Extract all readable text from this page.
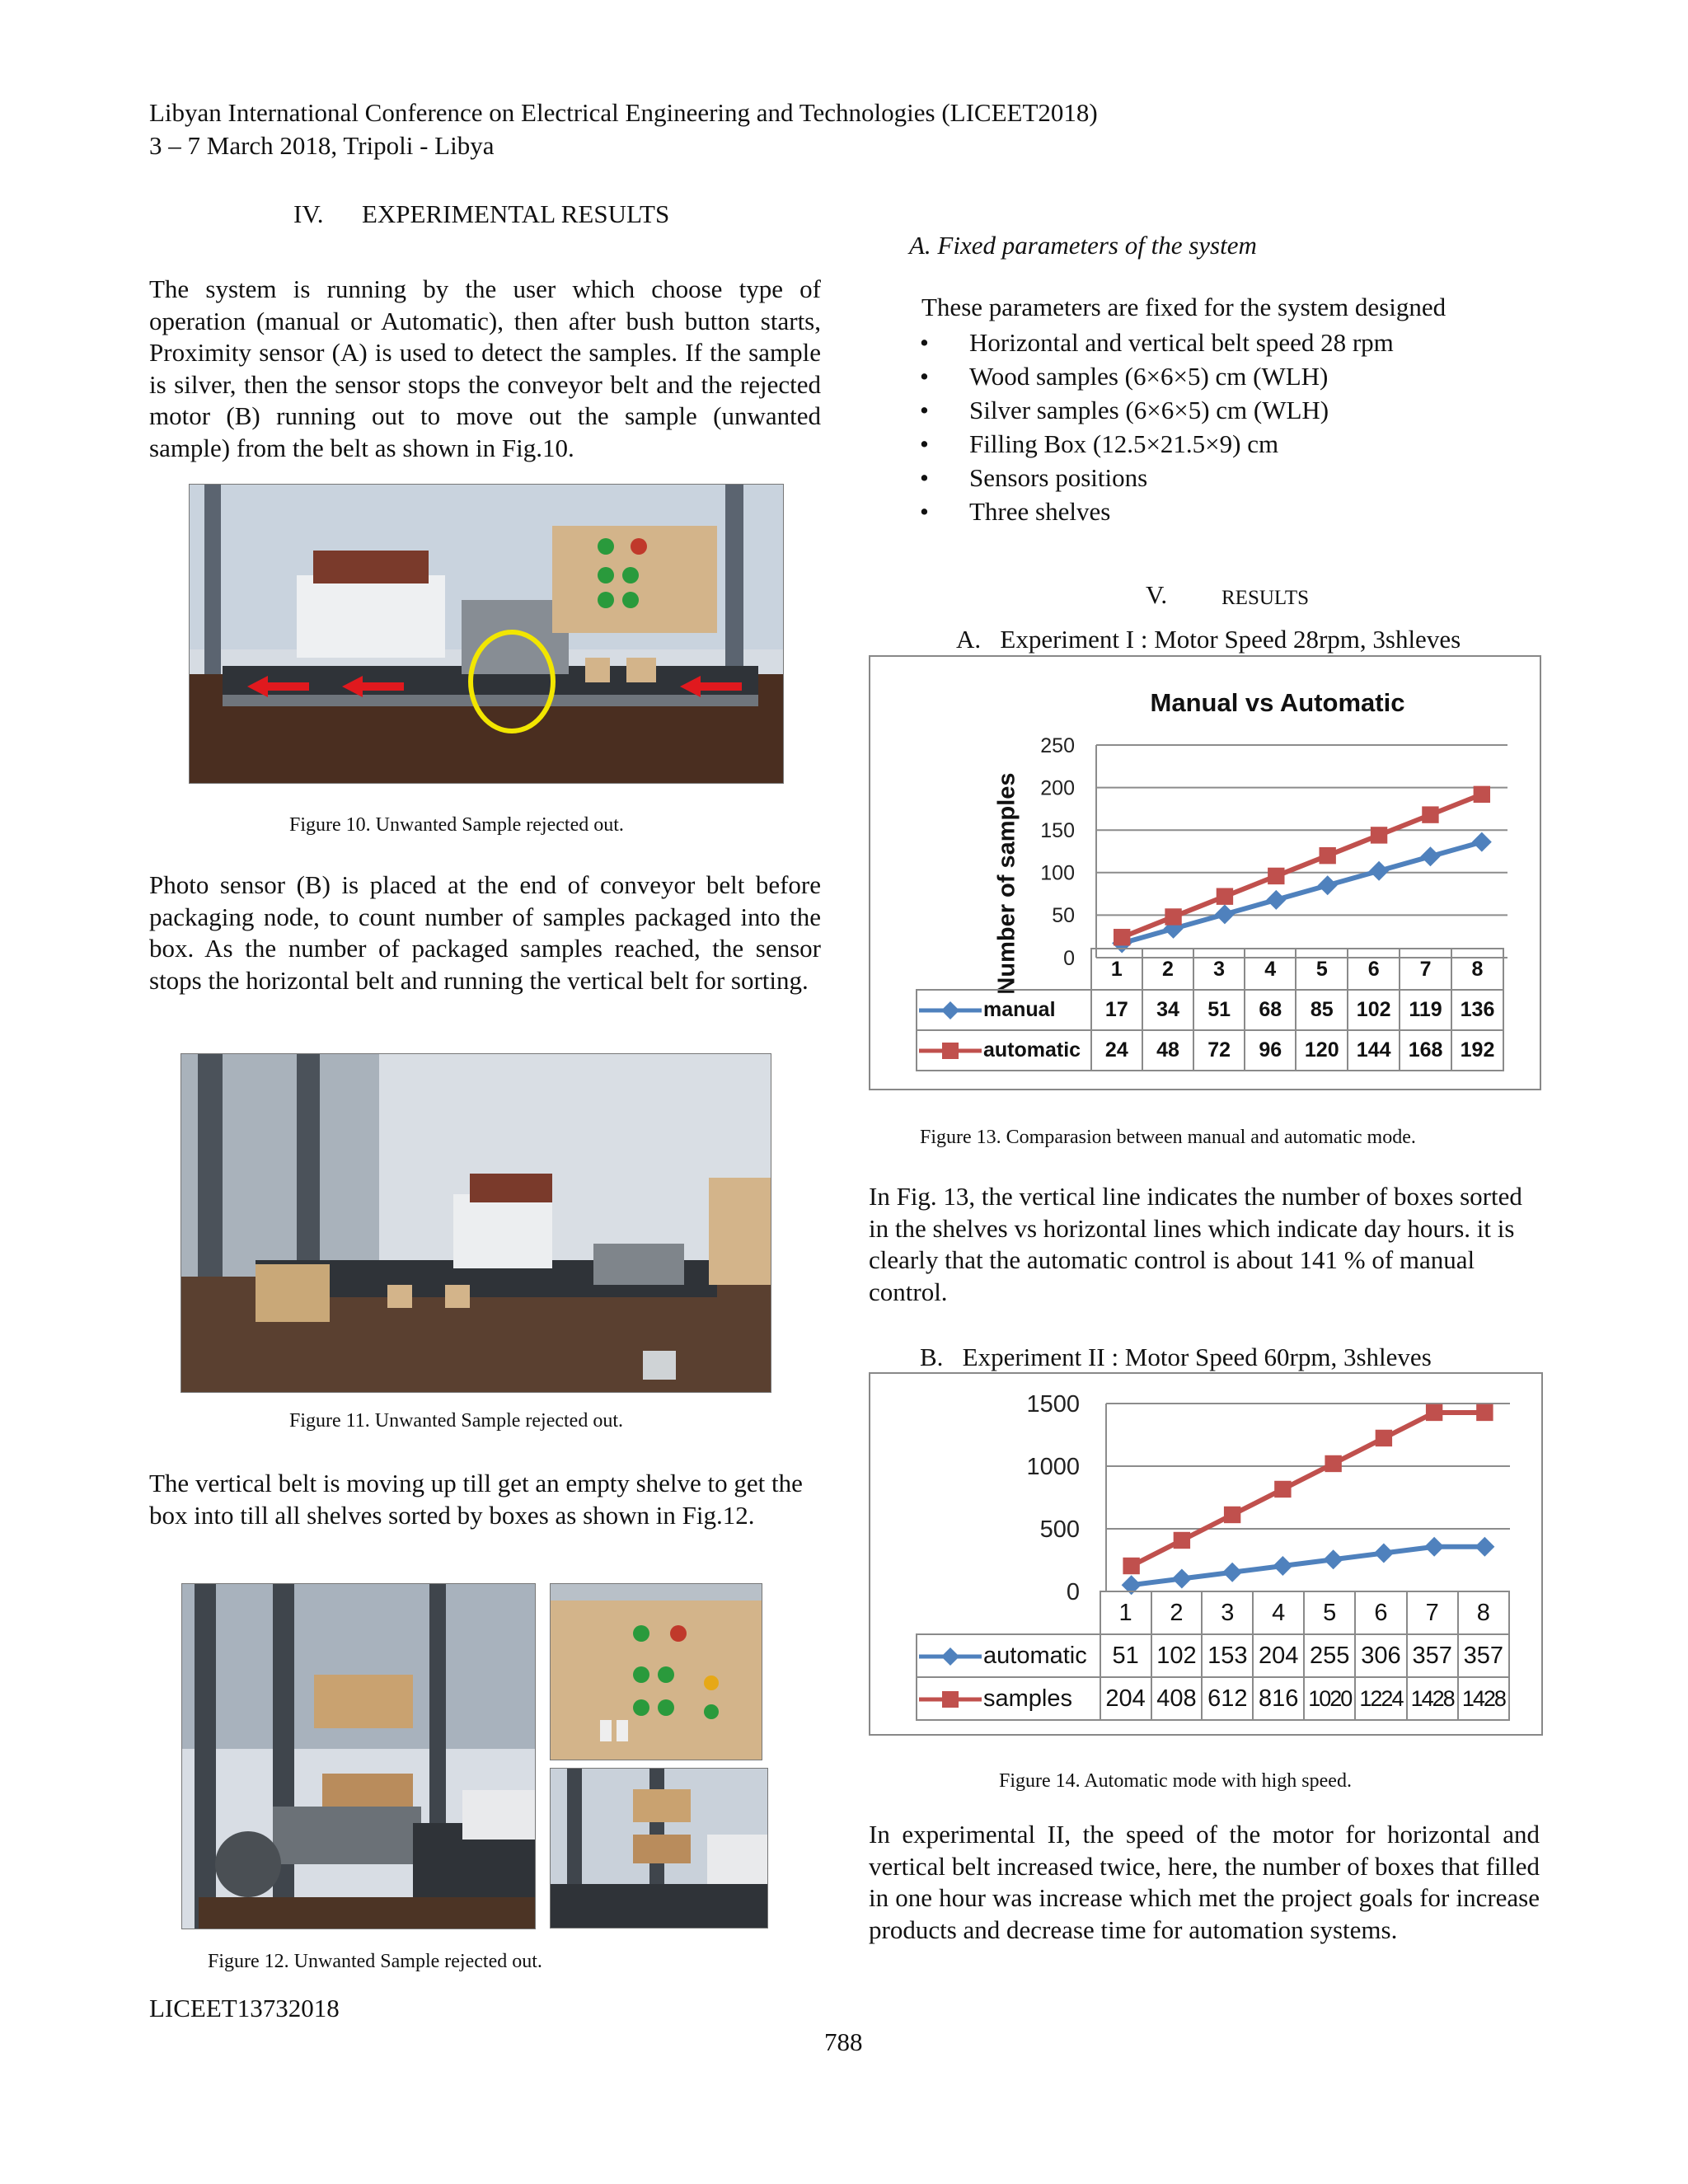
Libyan International Conference on Electrical Engineering and Technologies (LICEET2018)
3 – 7 March 2018, Tripoli - Libya
IV.      EXPERIMENTAL RESULTS
The system is running by the user which choose type of operation (manual or Automatic), then after bush button starts, Proximity sensor (A) is used to detect the samples. If the sample is silver, then the sensor stops the conveyor belt and the rejected motor (B) running out to move out the sample (unwanted sample) from the belt as shown in Fig.10.
Figure 10. Unwanted Sample rejected out.
Photo sensor (B) is placed at the end of conveyor belt before packaging node, to count number of samples packaged into the box. As the number of packaged samples reached, the sensor stops the horizontal belt and running the vertical belt for sorting.
Figure 11. Unwanted Sample rejected out.
The vertical belt is moving up till get an empty shelve to get the box into till all shelves sorted by boxes as shown in Fig.12.
Figure 12. Unwanted Sample rejected out.
LICEET13732018
788
A. Fixed parameters of the system
These parameters are fixed for the system designed
• Horizontal and vertical belt speed 28 rpm
• Wood samples (6×6×5) cm (WLH)
• Silver samples (6×6×5) cm (WLH)
• Filling Box (12.5×21.5×9) cm
• Sensors positions
• Three shelves
V.	RESULTS
A.   Experiment I : Motor Speed 28rpm, 3shleves
Manual vs Automatic
Number of samples 0
50
100
150
200
250
	1	2	3	4	5	6	7	8
manual	17	34	51	68	85	102	119	136
automatic	24	48	72	96	120	144	168	192
Figure 13. Comparasion between manual and automatic mode.
In Fig. 13, the vertical line indicates the number of boxes sorted in the shelves vs horizontal lines which indicate day hours. it is clearly that the automatic control is about 141 % of manual control.
B.   Experiment II : Motor Speed 60rpm, 3shleves
0
500
1000
1500
	1	2	3	4	5	6	7	8
automatic	51	102	153	204	255	306	357	357
samples	204	408	612	816	1020	1224	1428	1428
Figure 14. Automatic mode with high speed.
In experimental II, the speed of the motor for horizontal and vertical belt increased twice, here, the number of boxes that filled in one hour was increase which met the project goals for increase products and decrease time for automation systems.
